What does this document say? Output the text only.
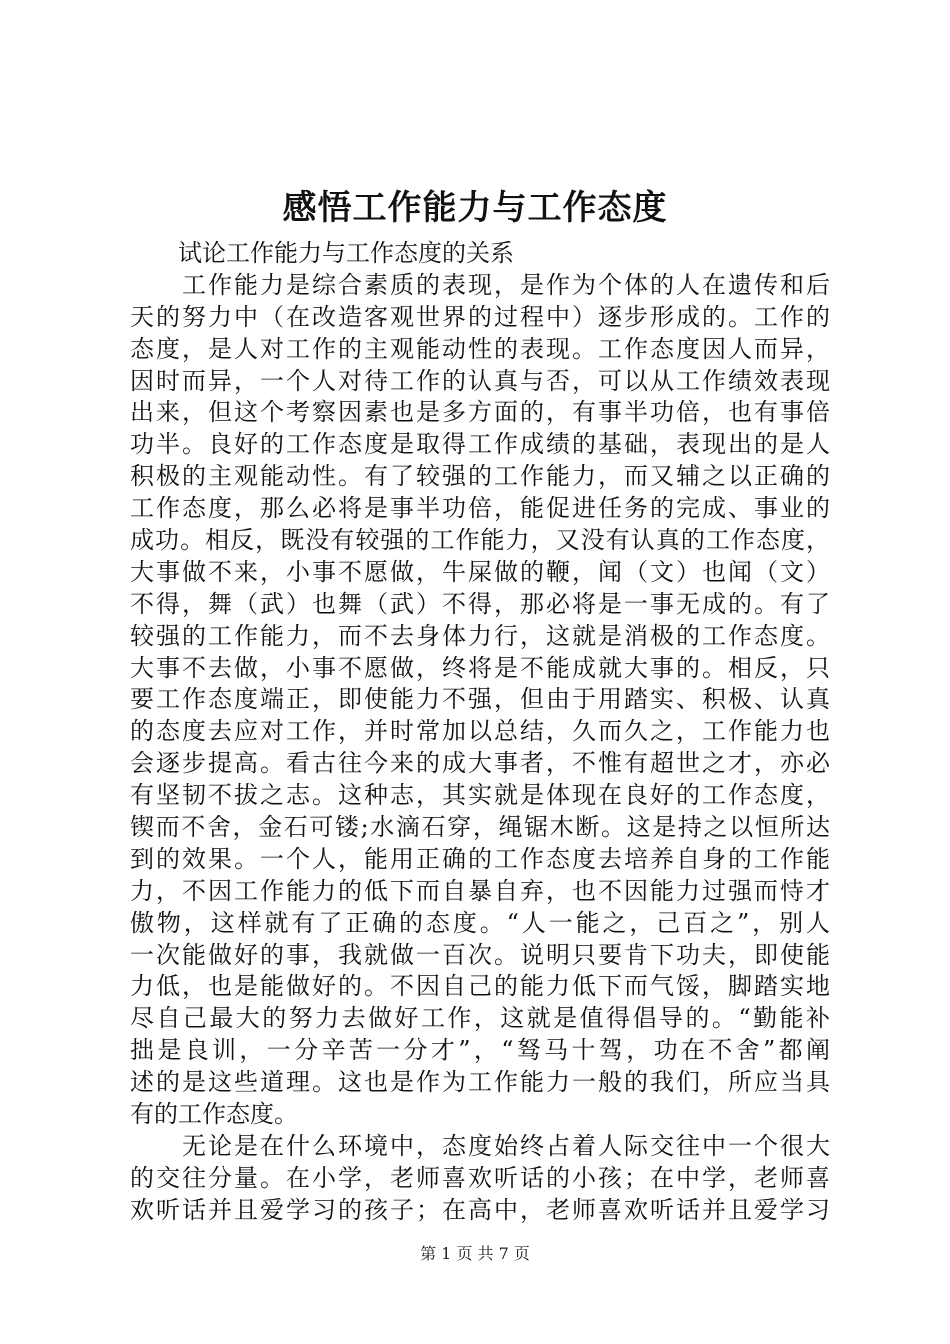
感悟工作能力与工作态度
试论工作能力与工作态度的关系
工作能力是综合素质的表现，是作为个体的人在遗传和后
天的努力中（在改造客观世界的过程中）逐步形成的。工作的
态度，是人对工作的主观能动性的表现。工作态度因人而异，
因时而异，一个人对待工作的认真与否，可以从工作绩效表现
出来，但这个考察因素也是多方面的，有事半功倍，也有事倍
功半。良好的工作态度是取得工作成绩的基础，表现出的是人
积极的主观能动性。有了较强的工作能力，而又辅之以正确的
工作态度，那么必将是事半功倍，能促进任务的完成、事业的
成功。相反，既没有较强的工作能力，又没有认真的工作态度，
大事做不来，小事不愿做，牛屎做的鞭，闻（文）也闻（文）
不得，舞（武）也舞（武）不得，那必将是一事无成的。有了
较强的工作能力，而不去身体力行，这就是消极的工作态度。
大事不去做，小事不愿做，终将是不能成就大事的。相反，只
要工作态度端正，即使能力不强，但由于用踏实、积极、认真
的态度去应对工作，并时常加以总结，久而久之，工作能力也
会逐步提高。看古往今来的成大事者，不惟有超世之才，亦必
有坚韧不拔之志。这种志，其实就是体现在良好的工作态度，
锲而不舍，金石可镂;水滴石穿，绳锯木断。这是持之以恒所达
到的效果。一个人，能用正确的工作态度去培养自身的工作能
力，不因工作能力的低下而自暴自弃，也不因能力过强而恃才
傲物，这样就有了正确的态度。“人一能之，己百之”，别人
一次能做好的事，我就做一百次。说明只要肯下功夫，即使能
力低，也是能做好的。不因自己的能力低下而气馁，脚踏实地
尽自己最大的努力去做好工作，这就是值得倡导的。“勤能补
拙是良训，一分辛苦一分才”，“驽马十驾，功在不舍”都阐
述的是这些道理。这也是作为工作能力一般的我们，所应当具
有的工作态度。
无论是在什么环境中，态度始终占着人际交往中一个很大
的交往分量。在小学，老师喜欢听话的小孩；在中学，老师喜
欢听话并且爱学习的孩子；在高中，老师喜欢听话并且爱学习
第 1 页 共 7 页
